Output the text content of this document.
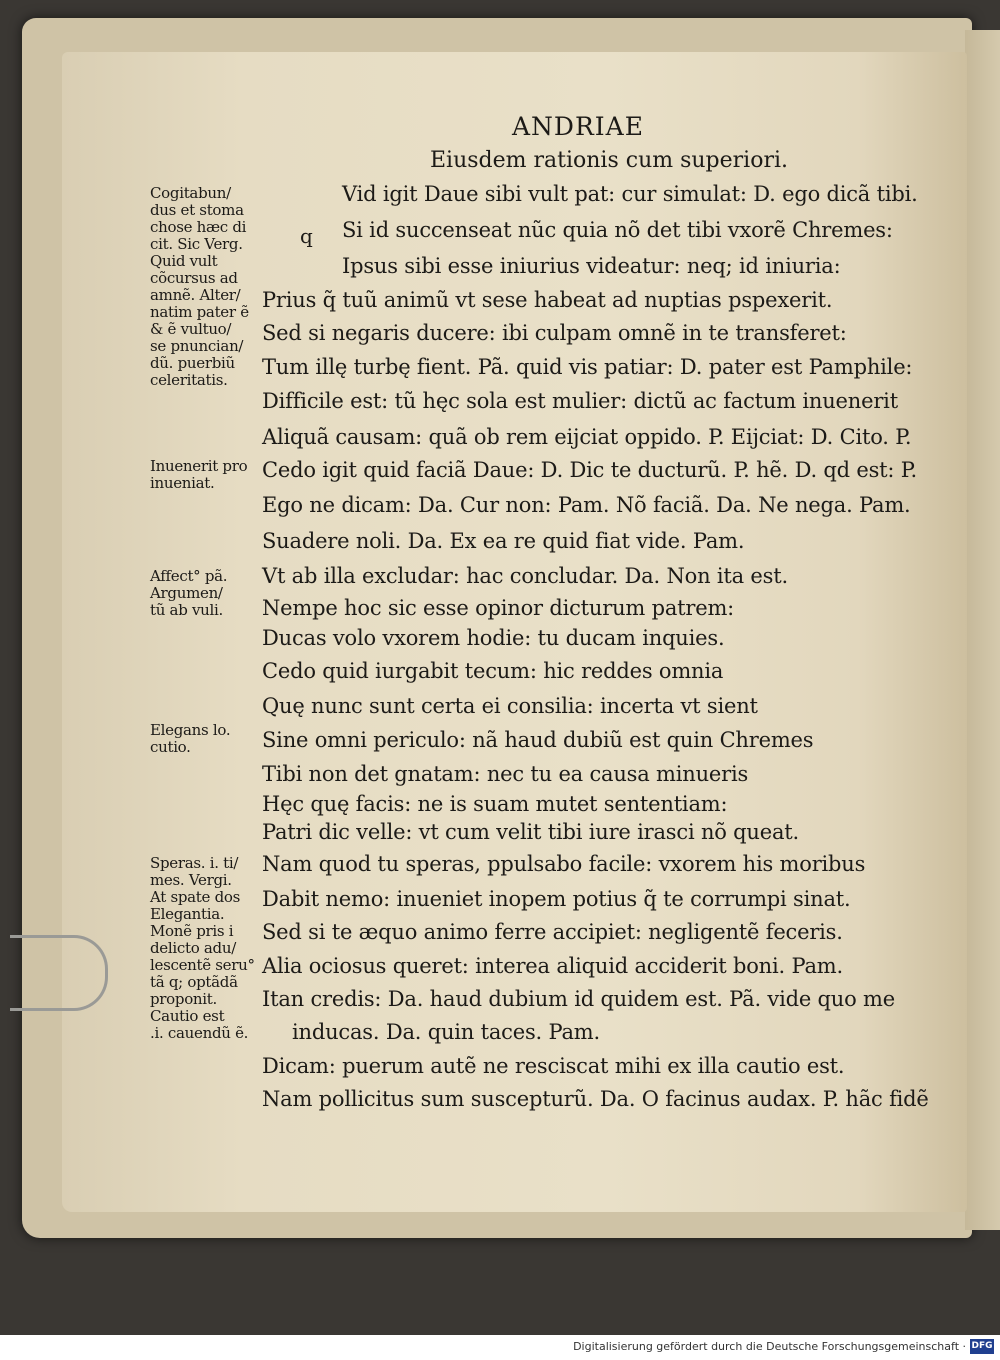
ANDRIAE
Eiusdem rationis cum superiori.
q
Cogitabun/
dus et stoma
chose hæc di
cit. Sic Verg.
Quid vult
cõcursus ad
amnẽ. Alter/
natim pater ẽ
& ẽ vultuo/
se pnuncian/
dũ. puerbiũ
celeritatis.
Inuenerit pro
inueniat.
Affect° pã.
Argumen/
tũ ab vuli.
Elegans lo.
cutio.
Speras. i. ti/
mes. Vergi.
At spate dos
Elegantia.
Monẽ pris i
delicto adu/
lescentẽ seru°
tã q; optãdã
proponit.
Cautio est
.i. cauendũ ẽ.
Vid igit Daue sibi vult pat: cur simulat: D. ego dicã tibi.
Si id succenseat nũc quia nõ det tibi vxorẽ Chremes:
Ipsus sibi esse iniurius videatur: neq; id iniuria:
Prius q̃ tuũ animũ vt sese habeat ad nuptias pspexerit.
Sed si negaris ducere: ibi culpam omnẽ in te transferet:
Tum illę turbę fient. Pã. quid vis patiar: D. pater est Pamphile:
Difficile est: tũ hęc sola est mulier: dictũ ac factum inuenerit
Aliquã causam: quã ob rem eijciat oppido. P. Eijciat: D. Cito. P.
Cedo igit quid faciã Daue: D. Dic te ducturũ. P. hẽ. D. qd est: P.
Ego ne dicam: Da. Cur non: Pam. Nõ faciã. Da. Ne nega. Pam.
Suadere noli. Da. Ex ea re quid fiat vide. Pam.
Vt ab illa excludar: hac concludar. Da. Non ita est.
Nempe hoc sic esse opinor dicturum patrem:
Ducas volo vxorem hodie: tu ducam inquies.
Cedo quid iurgabit tecum: hic reddes omnia
Quę nunc sunt certa ei consilia: incerta vt sient
Sine omni periculo: nã haud dubiũ est quin Chremes
Tibi non det gnatam: nec tu ea causa minueris
Hęc quę facis: ne is suam mutet sententiam:
Patri dic velle: vt cum velit tibi iure irasci nõ queat.
Nam quod tu speras, ppulsabo facile: vxorem his moribus
Dabit nemo: inueniet inopem potius q̃ te corrumpi sinat.
Sed si te æquo animo ferre accipiet: negligentẽ feceris.
Alia ociosus queret: interea aliquid acciderit boni. Pam.
Itan credis: Da. haud dubium id quidem est. Pã. vide quo me
inducas. Da. quin taces. Pam.
Dicam: puerum autẽ ne resciscat mihi ex illa cautio est.
Nam pollicitus sum suscepturũ. Da. O facinus audax. P. hãc fidẽ
Digitalisierung gefördert durch die Deutsche Forschungsgemeinschaft · DFG
